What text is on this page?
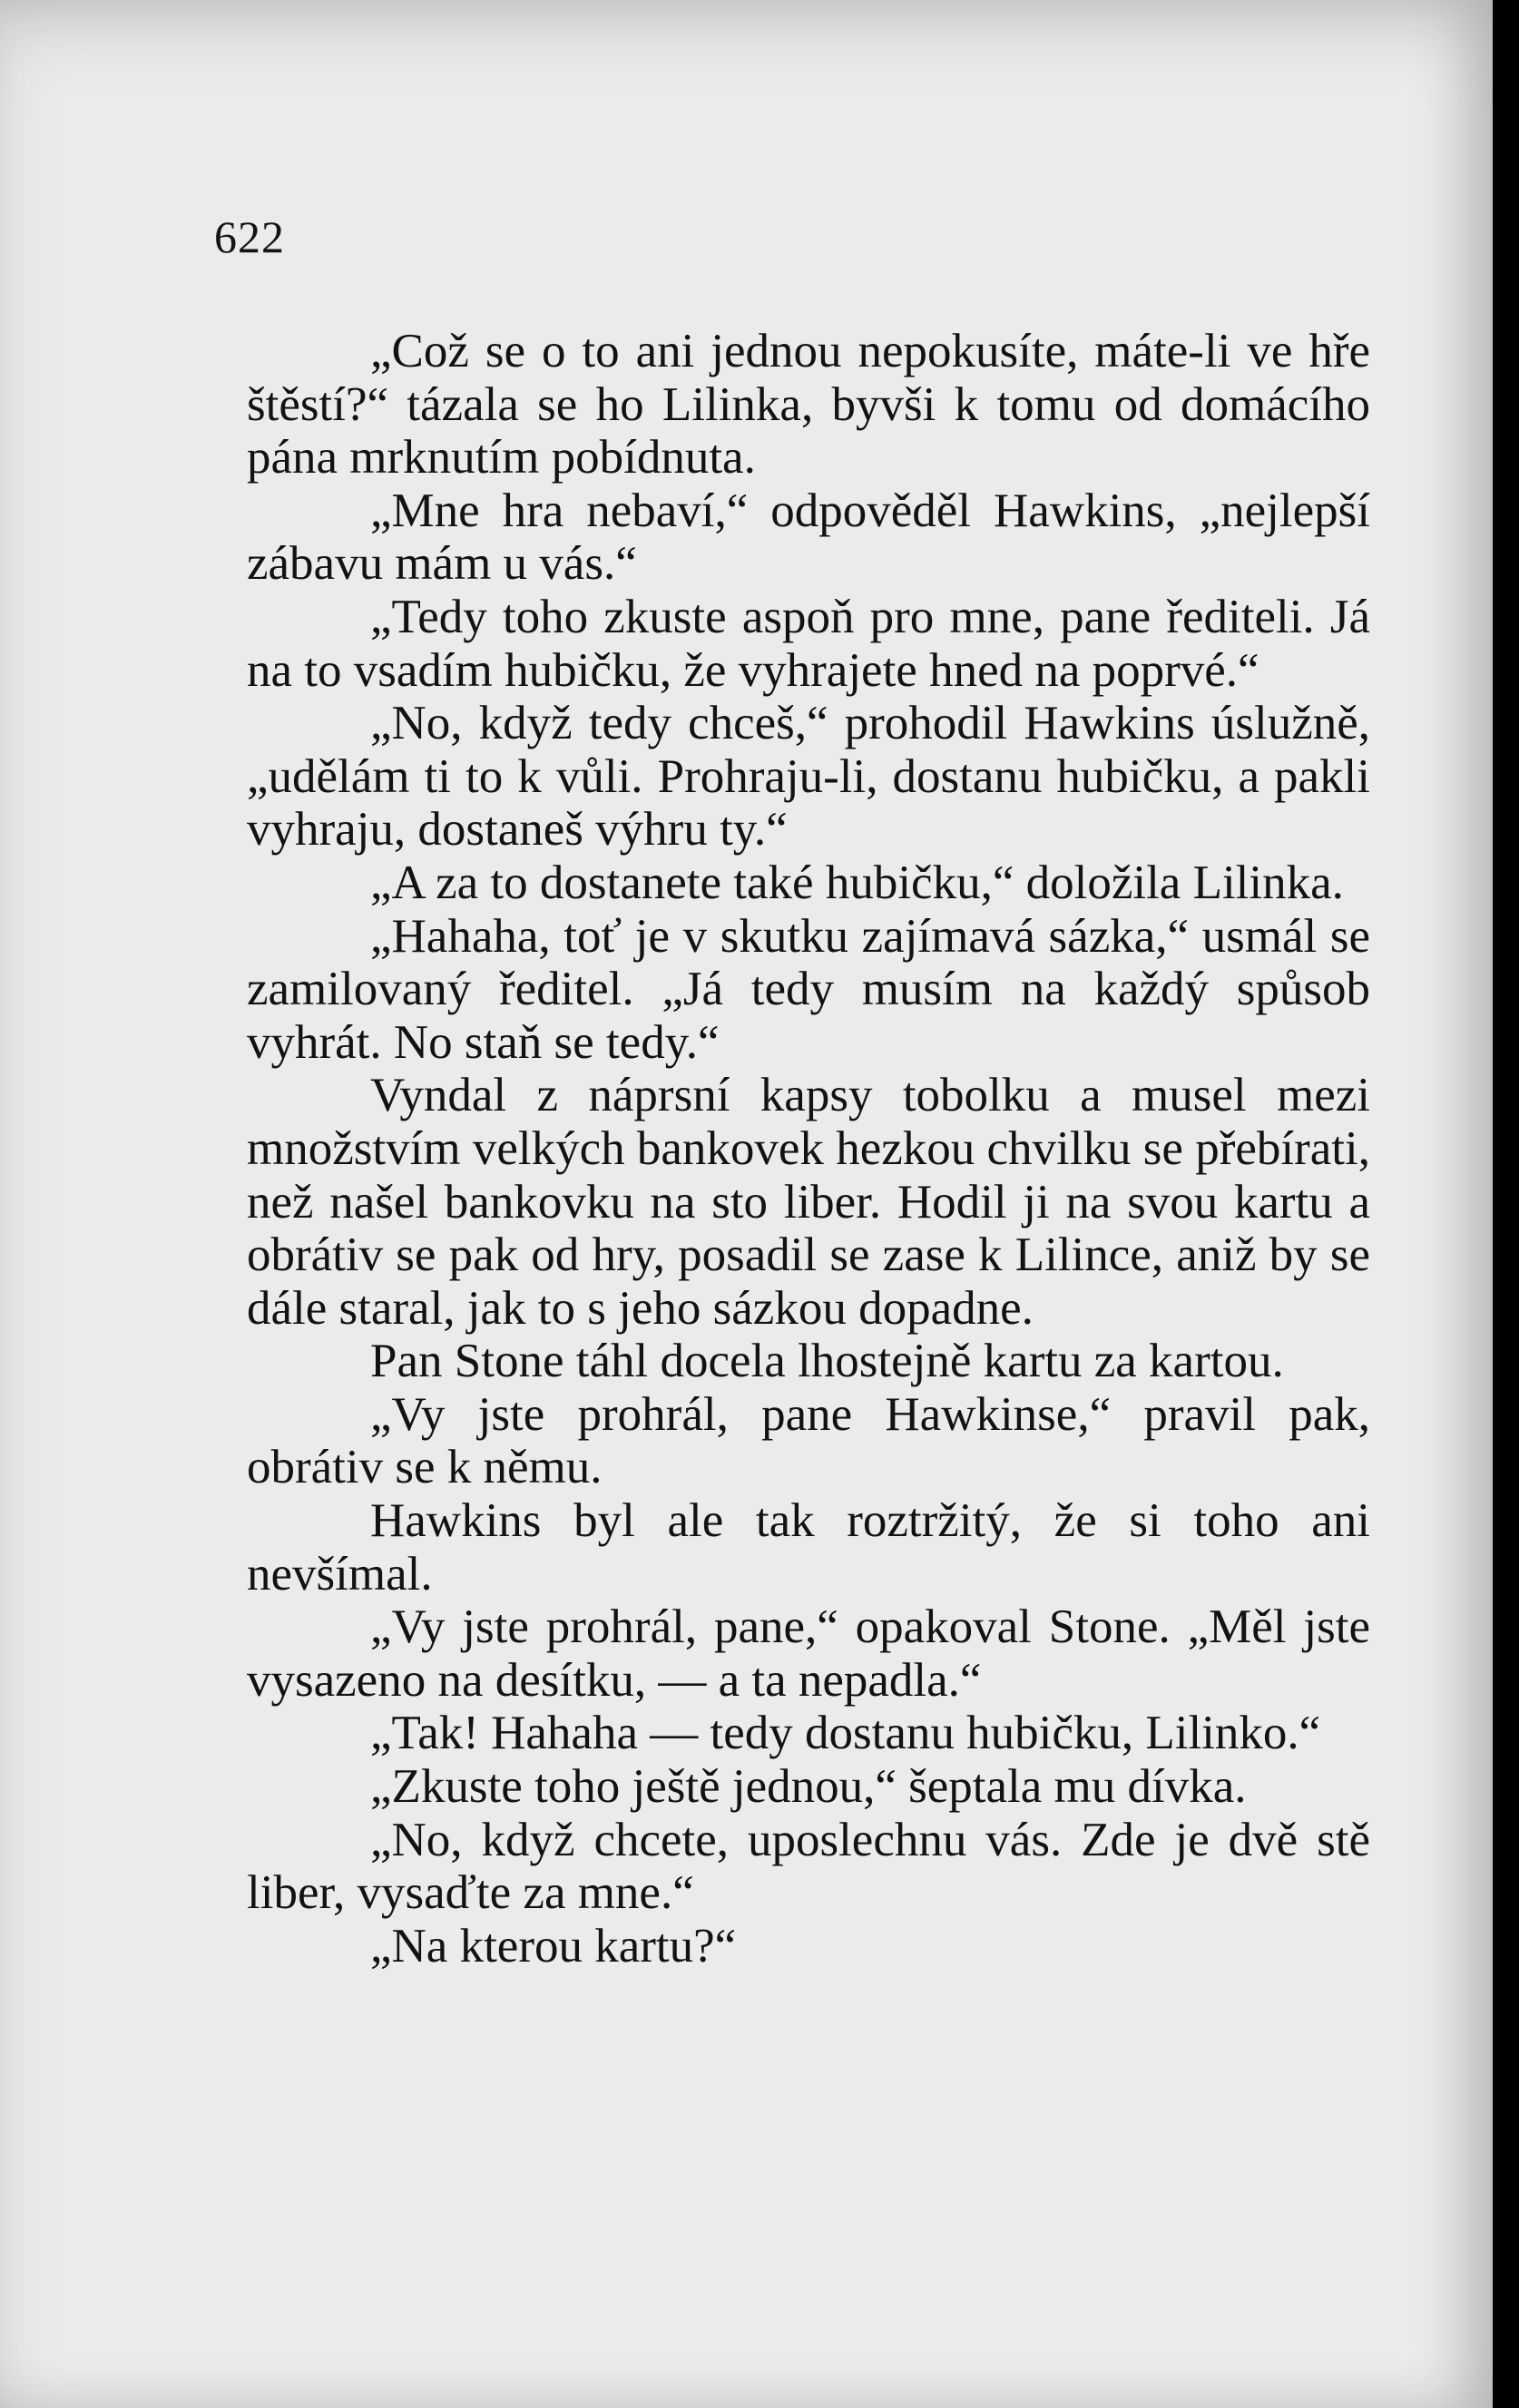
622

„Což se o to ani jednou nepokusíte, máte-li ve hře štěstí?“ tázala se ho Lilinka, byvši k tomu od domácího pána mrknutím pobídnuta.

„Mne hra nebaví,“ odpověděl Hawkins, „nejlepší zábavu mám u vás.“

„Tedy toho zkuste aspoň pro mne, pane řediteli. Já na to vsadím hubičku, že vyhrajete hned na poprvé.“

„No, když tedy chceš,“ prohodil Hawkins úslužně, „udělám ti to k vůli. Prohraju-li, dostanu hubičku, a pakli vyhraju, dostaneš výhru ty.“

„A za to dostanete také hubičku,“ doložila Lilinka.

„Hahaha, toť je v skutku zajímavá sázka,“ usmál se zamilovaný ředitel. „Já tedy musím na každý spůsob vyhrát. No staň se tedy.“

Vyndal z náprsní kapsy tobolku a musel mezi množstvím velkých bankovek hezkou chvilku se přebírati, než našel bankovku na sto liber. Hodil ji na svou kartu a obrátiv se pak od hry, posadil se zase k Lilince, aniž by se dále staral, jak to s jeho sázkou dopadne.

Pan Stone táhl docela lhostejně kartu za kartou.

„Vy jste prohrál, pane Hawkinse,“ pravil pak, obrátiv se k němu.

Hawkins byl ale tak roztržitý, že si toho ani nevšímal.

„Vy jste prohrál, pane,“ opakoval Stone. „Měl jste vysazeno na desítku, — a ta nepadla.“

„Tak! Hahaha — tedy dostanu hubičku, Lilinko.“

„Zkuste toho ještě jednou,“ šeptala mu dívka.

„No, když chcete, uposlechnu vás. Zde je dvě stě liber, vysaďte za mne.“

„Na kterou kartu?“
